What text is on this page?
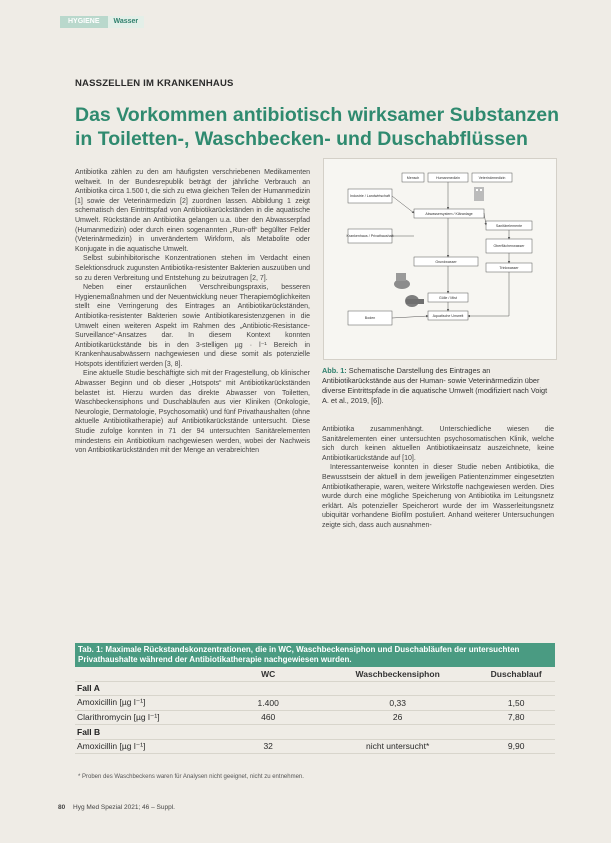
HYGIENE	Wasser
NASSZELLEN IM KRANKENHAUS
Das Vorkommen antibiotisch wirksamer Substanzen in Toiletten-, Waschbecken- und Duschabflüssen

Antibiotika zählen zu den am häufigsten verschriebenen Medikamenten weltweit. In der Bundesrepublik beträgt der jährliche Verbrauch an Antibiotika circa 1.500 t, die sich zu etwa gleichen Teilen der Humanmedizin [1] sowie der Veterinärmedizin [2] zuordnen lassen. Abbildung 1 zeigt schematisch den Eintrittspfad von Antibiotikarückständen in die aquatische Umwelt. Rückstände an Antibiotika gelangen u.a. über den Abwasserpfad (Humanmedizin) oder durch einen sogenannten „Run-off“ begüllter Felder (Veterinärmedizin) in unverändertem Wirkform, als Metabolite oder Konjugate in die aquatische Umwelt.

Selbst subinhibitorische Konzentrationen stehen im Verdacht einen Selektionsdruck zugunsten Antibiotika-resistenter Bakterien auszuüben und so zu deren Verbreitung und Entstehung zu beizutragen [2, 7].

Neben einer erstaunlichen Verschreibungspraxis, besseren Hygienemaßnahmen und der Neuentwicklung neuer Therapiemöglichkeiten stellt eine Verringerung des Eintrages an Antibiotikarückständen, Antibiotika-resistenter Bakterien sowie Antibiotikaresistenzgenen in die Umwelt einen weiteren Aspekt im Rahmen des „Antibiotic-Resistance-Surveillance“-Ansatzes dar. In diesem Kontext konnten Antibiotikarückstände bis in den 3-stelligen µg · l⁻¹ Bereich in Krankenhausabwässern nachgewiesen und diese somit als potenzielle Hotspots identifiziert werden [3, 8].

Eine aktuelle Studie beschäftigte sich mit der Fragestellung, ob klinischer Abwasser Beginn und ob dieser „Hotspots“ mit Antibiotikarückständen belastet ist. Hierzu wurden das direkte Abwasser von Toiletten, Waschbeckensiphons und Duschabläufen aus vier Kliniken (Onkologie, Neurologie, Dermatologie, Psychosomatik) und fünf Privathaushalten (ohne aktuelle Antibiotikatherapie) auf Antibiotikarückstände untersucht. Diese Studie zufolge konnten in 71 der 94 untersuchten Sanitärelementen mindestens ein Antibiotikum nachgewiesen werden, wobei der Nachweis von Antibiotikarückständen mit der Menge an verabreichten

Mensch	Humanmedizin	Veterinärmedizin
Industrie / Landwirtschaft
Abwassersystem / Kläranlage
Krankenhaus / Privathaushalt
Sanitärelemente
Oberflächenwasser
Grundwasser
Trinkwasser
Gülle / Mist
Boden	Aquatische Umwelt
Abb. 1: Schematische Darstellung des Eintrages an Antibiotikarückstände aus der Human- sowie Veterinärmedizin über diverse Eintrittspfade in die aquatische Umwelt (modifiziert nach Voigt A. et al., 2019, [6]).

Antibiotika zusammenhängt. Unterschiedliche wiesen die Sanitärelementen einer untersuchten psychosomatischen Klinik, welche sich durch keinen aktuellen Antibiotikaeinsatz auszeichnete, keine Antibiotikarückstände auf [10].

Interessanterweise konnten in dieser Studie neben Antibiotika, die Bewusstsein der aktuell in dem jeweiligen Patientenzimmer eingesetzten Antibiotikatherapie, waren, weitere Wirkstoffe nachgewiesen werden. Dies wurde durch eine mögliche Speicherung von Antibiotika im Leitungsnetz erklärt. Als potenzieller Speicherort wurde der im Wasserleitungsnetz ubiquitär vorhandene Biofilm postuliert. Anhand weiterer Untersuchungen zeigte sich, dass auch ausnahmen-

Tab. 1: Maximale Rückstandskonzentrationen, die in WC, Waschbeckensiphon und Duschabläufen der untersuchten Privathaushalte während der Antibiotikatherapie nachgewiesen wurden.
WC	Waschbeckensiphon	Duschablauf
Fall A
Amoxicillin [µg l⁻¹]	1.400	0,33	1,50
Clarithromycin [µg l⁻¹]	460	26	7,80
Fall B
Amoxicillin [µg l⁻¹]	32	nicht untersucht*	9,90
* Proben des Waschbeckens waren für Analysen nicht geeignet, nicht zu entnehmen.
80 Hyg Med Spezial 2021; 46 – Suppl.
